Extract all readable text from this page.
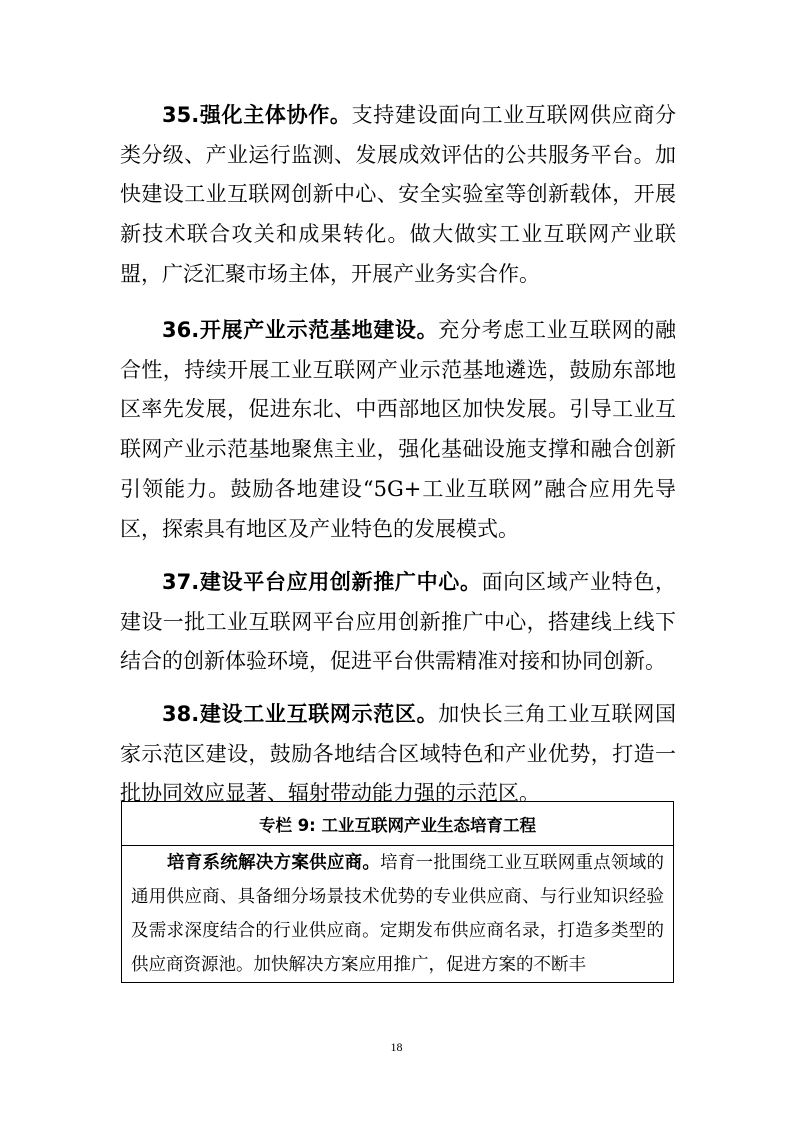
35.强化主体协作。支持建设面向工业互联网供应商分类分级、产业运行监测、发展成效评估的公共服务平台。加快建设工业互联网创新中心、安全实验室等创新载体，开展新技术联合攻关和成果转化。做大做实工业互联网产业联盟，广泛汇聚市场主体，开展产业务实合作。

36.开展产业示范基地建设。充分考虑工业互联网的融合性，持续开展工业互联网产业示范基地遴选，鼓励东部地区率先发展，促进东北、中西部地区加快发展。引导工业互联网产业示范基地聚焦主业，强化基础设施支撑和融合创新引领能力。鼓励各地建设“5G+工业互联网”融合应用先导区，探索具有地区及产业特色的发展模式。

37.建设平台应用创新推广中心。面向区域产业特色，建设一批工业互联网平台应用创新推广中心，搭建线上线下结合的创新体验环境，促进平台供需精准对接和协同创新。

38.建设工业互联网示范区。加快长三角工业互联网国家示范区建设，鼓励各地结合区域特色和产业优势，打造一批协同效应显著、辐射带动能力强的示范区。

专栏 9: 工业互联网产业生态培育工程

培育系统解决方案供应商。培育一批围绕工业互联网重点领域的通用供应商、具备细分场景技术优势的专业供应商、与行业知识经验及需求深度结合的行业供应商。定期发布供应商名录，打造多类型的供应商资源池。加快解决方案应用推广，促进方案的不断丰

18
